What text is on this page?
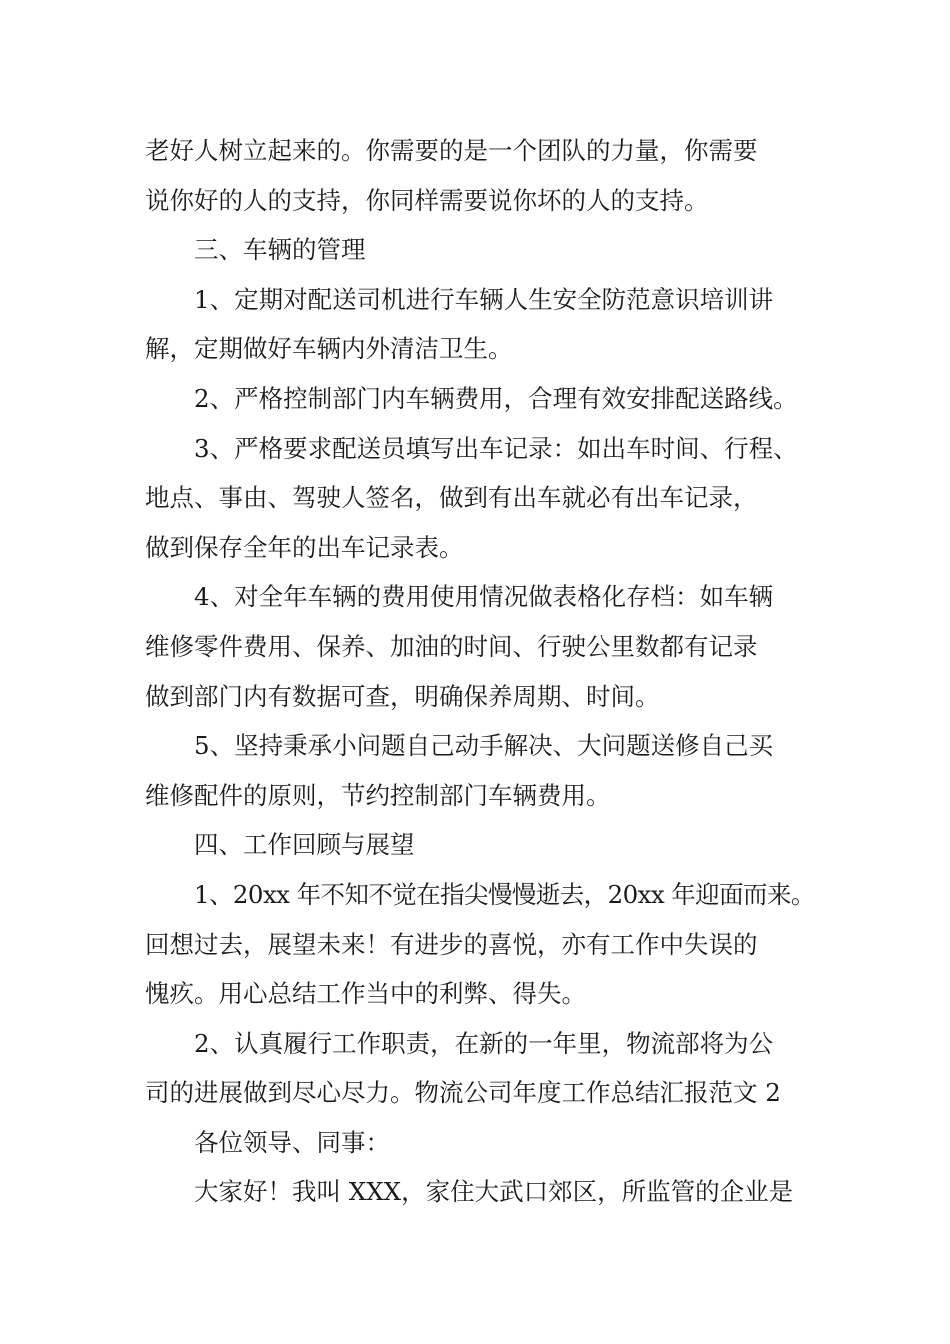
老好人树立起来的。你需要的是一个团队的力量，你需要
说你好的人的支持，你同样需要说你坏的人的支持。
三、车辆的管理
1、定期对配送司机进行车辆人生安全防范意识培训讲
解，定期做好车辆内外清洁卫生。
2、严格控制部门内车辆费用，合理有效安排配送路线。
3、严格要求配送员填写出车记录：如出车时间、行程、
地点、事由、驾驶人签名，做到有出车就必有出车记录，
做到保存全年的出车记录表。
4、对全年车辆的费用使用情况做表格化存档：如车辆
维修零件费用、保养、加油的时间、行驶公里数都有记录
做到部门内有数据可查，明确保养周期、时间。
5、坚持秉承小问题自己动手解决、大问题送修自己买
维修配件的原则，节约控制部门车辆费用。
四、工作回顾与展望
1、20xx 年不知不觉在指尖慢慢逝去，20xx 年迎面而来。
回想过去，展望未来！有进步的喜悦，亦有工作中失误的
愧疚。用心总结工作当中的利弊、得失。
2、认真履行工作职责，在新的一年里，物流部将为公
司的进展做到尽心尽力。物流公司年度工作总结汇报范文 2
各位领导、同事：
大家好！我叫 XXX，家住大武口郊区，所监管的企业是
